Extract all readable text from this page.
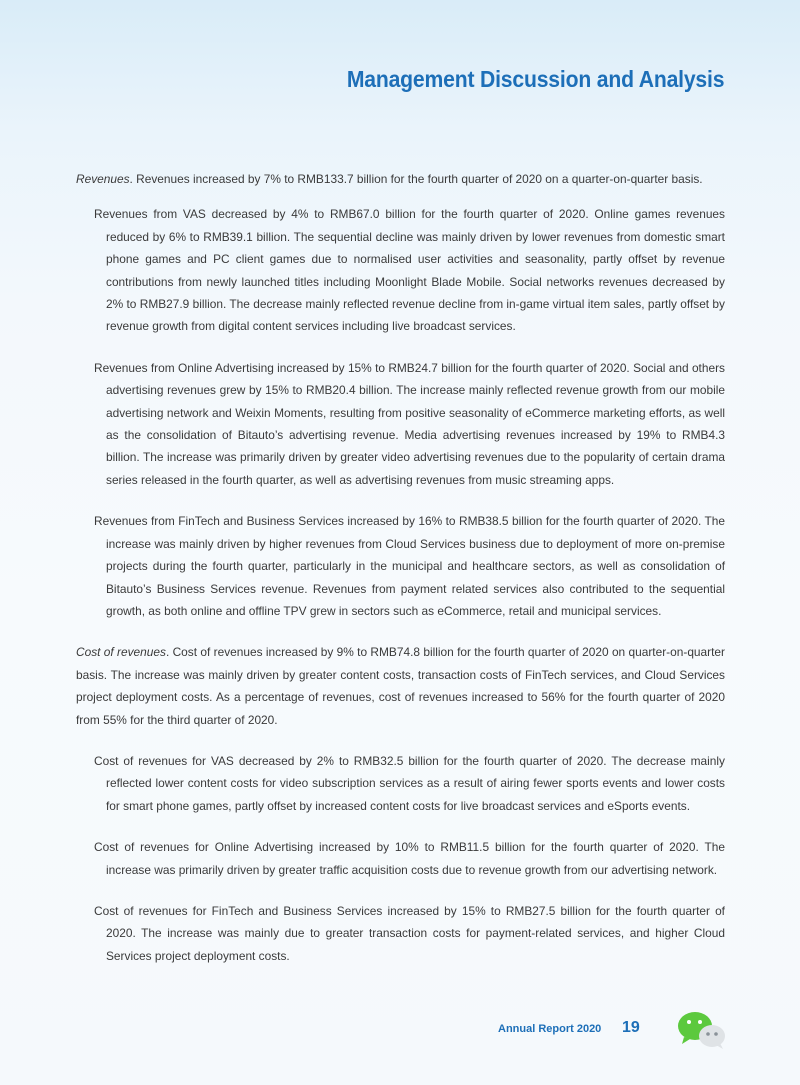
Management Discussion and Analysis

Revenues. Revenues increased by 7% to RMB133.7 billion for the fourth quarter of 2020 on a quarter-on-quarter basis.

Revenues from VAS decreased by 4% to RMB67.0 billion for the fourth quarter of 2020. Online games revenues reduced by 6% to RMB39.1 billion. The sequential decline was mainly driven by lower revenues from domestic smart phone games and PC client games due to normalised user activities and seasonality, partly offset by revenue contributions from newly launched titles including Moonlight Blade Mobile. Social networks revenues decreased by 2% to RMB27.9 billion. The decrease mainly reflected revenue decline from in-game virtual item sales, partly offset by revenue growth from digital content services including live broadcast services.

Revenues from Online Advertising increased by 15% to RMB24.7 billion for the fourth quarter of 2020. Social and others advertising revenues grew by 15% to RMB20.4 billion. The increase mainly reflected revenue growth from our mobile advertising network and Weixin Moments, resulting from positive seasonality of eCommerce marketing efforts, as well as the consolidation of Bitauto’s advertising revenue. Media advertising revenues increased by 19% to RMB4.3 billion. The increase was primarily driven by greater video advertising revenues due to the popularity of certain drama series released in the fourth quarter, as well as advertising revenues from music streaming apps.

Revenues from FinTech and Business Services increased by 16% to RMB38.5 billion for the fourth quarter of 2020. The increase was mainly driven by higher revenues from Cloud Services business due to deployment of more on-premise projects during the fourth quarter, particularly in the municipal and healthcare sectors, as well as consolidation of Bitauto’s Business Services revenue. Revenues from payment related services also contributed to the sequential growth, as both online and offline TPV grew in sectors such as eCommerce, retail and municipal services.

Cost of revenues. Cost of revenues increased by 9% to RMB74.8 billion for the fourth quarter of 2020 on quarter-on-quarter basis. The increase was mainly driven by greater content costs, transaction costs of FinTech services, and Cloud Services project deployment costs. As a percentage of revenues, cost of revenues increased to 56% for the fourth quarter of 2020 from 55% for the third quarter of 2020.

Cost of revenues for VAS decreased by 2% to RMB32.5 billion for the fourth quarter of 2020. The decrease mainly reflected lower content costs for video subscription services as a result of airing fewer sports events and lower costs for smart phone games, partly offset by increased content costs for live broadcast services and eSports events.

Cost of revenues for Online Advertising increased by 10% to RMB11.5 billion for the fourth quarter of 2020. The increase was primarily driven by greater traffic acquisition costs due to revenue growth from our advertising network.

Cost of revenues for FinTech and Business Services increased by 15% to RMB27.5 billion for the fourth quarter of 2020. The increase was mainly due to greater transaction costs for payment-related services, and higher Cloud Services project deployment costs.

Annual Report 2020 19
